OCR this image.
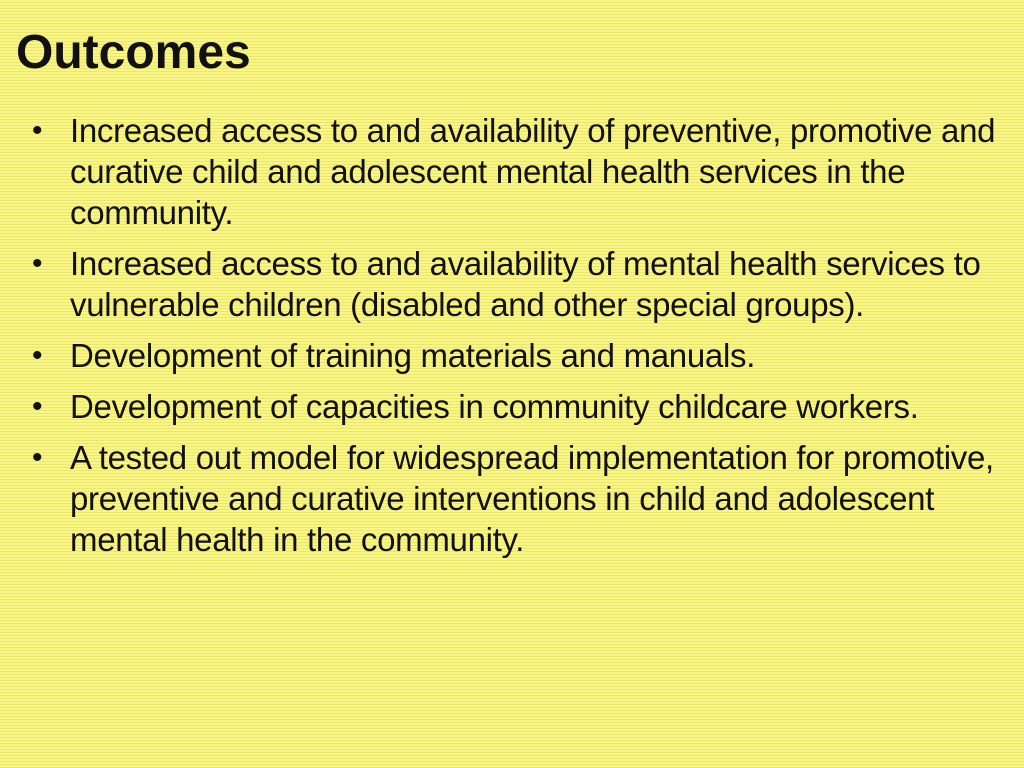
Outcomes
• Increased access to and availability of preventive, promotive and curative child and adolescent mental health services in the community.
• Increased access to and availability of mental health services to vulnerable children (disabled and other special groups).
• Development of training materials and manuals.
• Development of capacities in community childcare workers.
• A tested out model for widespread implementation for promotive, preventive and curative interventions in child and adolescent mental health in the community.
